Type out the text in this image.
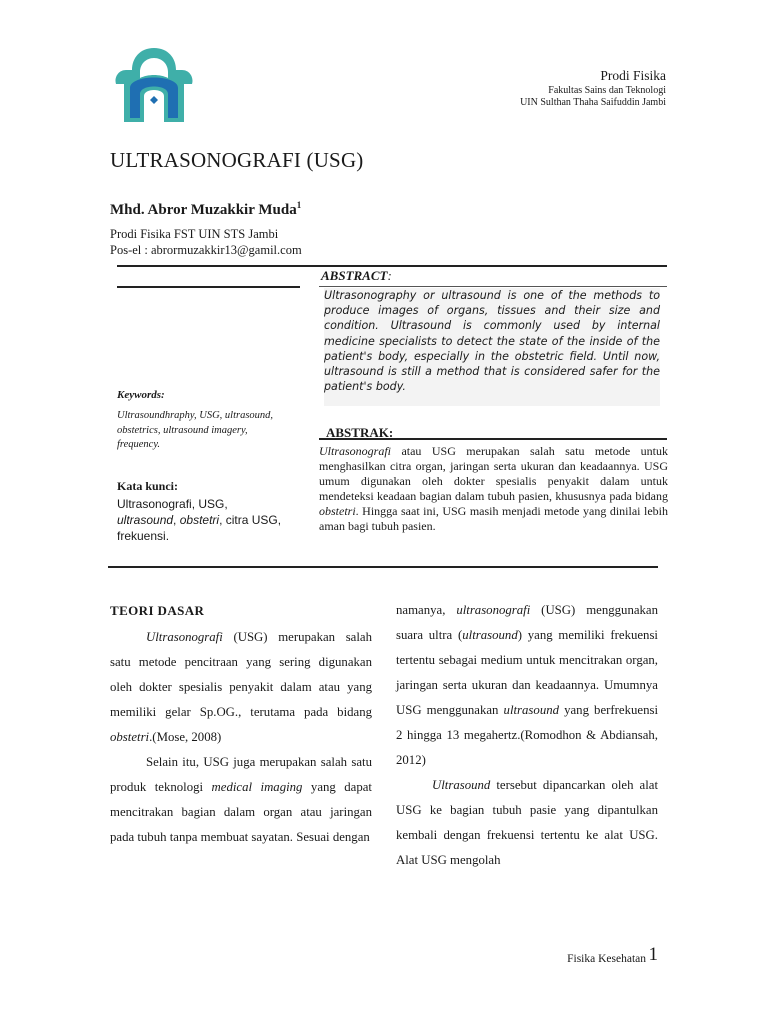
Prodi Fisika
Fakultas Sains dan Teknologi
UIN Sulthan Thaha Saifuddin Jambi
ULTRASONOGRAFI (USG)
Mhd. Abror Muzakkir Muda$^1$
Prodi Fisika FST UIN STS Jambi
Pos-el : abrormuzakkir13@gamil.com
ABSTRACT:
Ultrasonography or ultrasound is one of the methods to produce images of organs, tissues and their size and condition. Ultrasound is commonly used by internal medicine specialists to detect the state of the inside of the patient's body, especially in the obstetric field. Until now, ultrasound is still a method that is considered safer for the patient's body.
ABSTRAK:
Ultrasonografi atau USG merupakan salah satu metode untuk menghasilkan citra organ, jaringan serta ukuran dan keadaannya. USG umum digunakan oleh dokter spesialis penyakit dalam untuk mendeteksi keadaan bagian dalam tubuh pasien, khususnya pada bidang obstetri. Hingga saat ini, USG masih menjadi metode yang dinilai lebih aman bagi tubuh pasien.
Keywords:
Ultrasoundhraphy, USG, ultrasound, obstetrics, ultrasound imagery, frequency.
Kata kunci:
Ultrasonografi, USG, ultrasound, obstetri, citra USG, frekuensi.
TEORI DASAR

Ultrasonografi (USG) merupakan salah satu metode pencitraan yang sering digunakan oleh dokter spesialis penyakit dalam atau yang memiliki gelar Sp.OG., terutama pada bidang obstetri.(Mose, 2008)

Selain itu, USG juga merupakan salah satu produk teknologi medical imaging yang dapat mencitrakan bagian dalam organ atau jaringan pada tubuh tanpa membuat sayatan. Sesuai dengan

namanya, ultrasonografi (USG) menggunakan suara ultra (ultrasound) yang memiliki frekuensi tertentu sebagai medium untuk mencitrakan organ, jaringan serta ukuran dan keadaannya. Umumnya USG menggunakan ultrasound yang berfrekuensi 2 hingga 13 megahertz.(Romodhon & Abdiansah, 2012)

Ultrasound tersebut dipancarkan oleh alat USG ke bagian tubuh pasie yang dipantulkan kembali dengan frekuensi tertentu ke alat USG. Alat USG mengolah

Fisika Kesehatan 1
